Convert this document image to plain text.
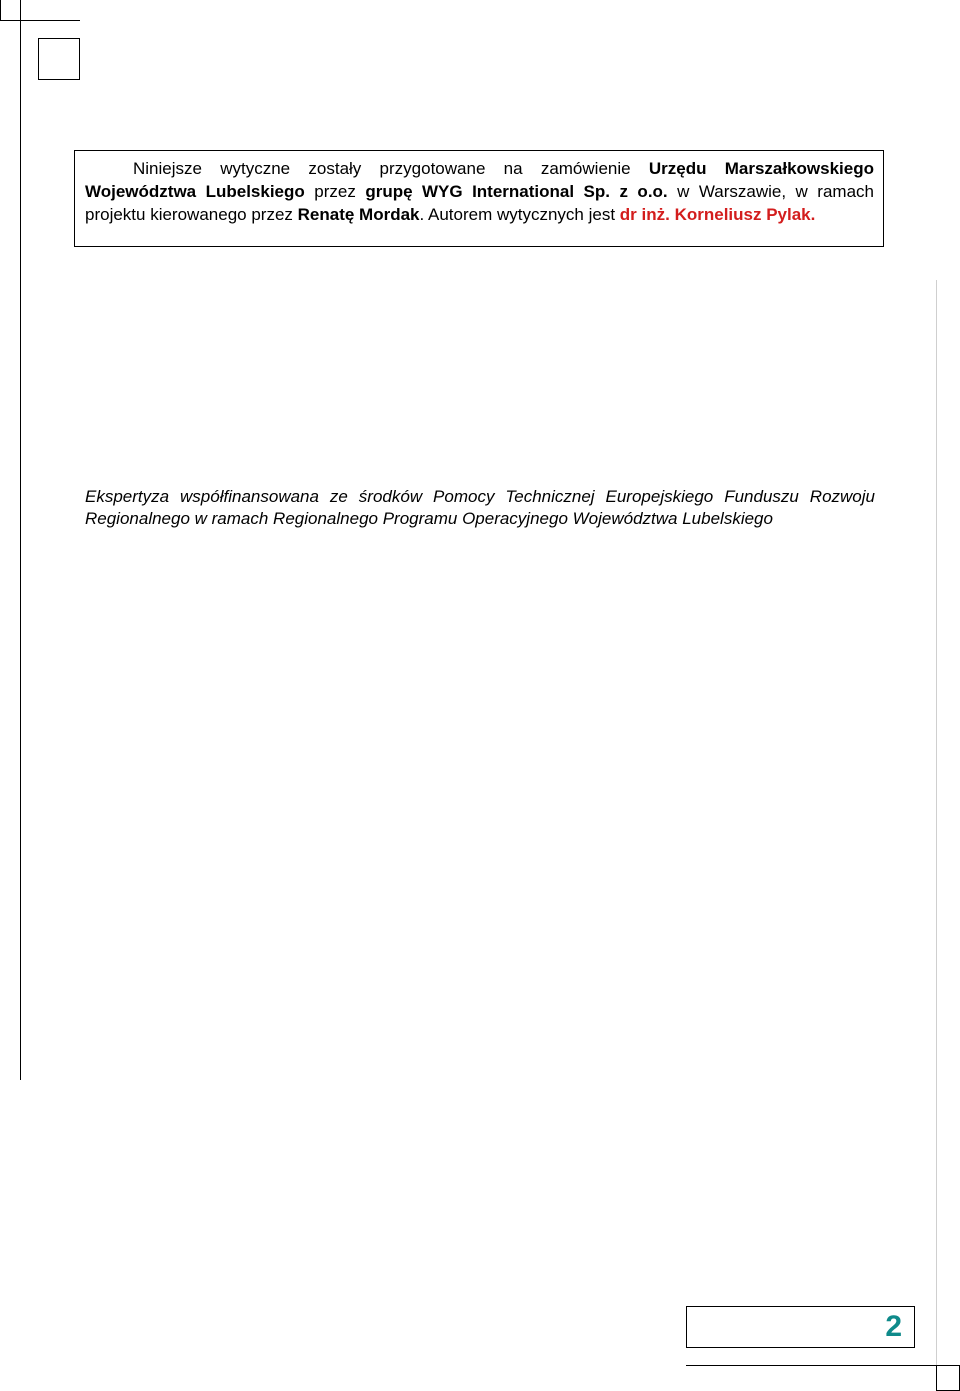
Niniejsze wytyczne zostały przygotowane na zamówienie Urzędu Marszałkowskiego Województwa Lubelskiego przez grupę WYG International Sp. z o.o. w Warszawie, w ramach projektu kierowanego przez Renatę Mordak. Autorem wytycznych jest dr inż. Korneliusz Pylak.

Ekspertyza współfinansowana ze środków Pomocy Technicznej Europejskiego Funduszu Rozwoju Regionalnego w ramach Regionalnego Programu Operacyjnego Województwa Lubelskiego

2
